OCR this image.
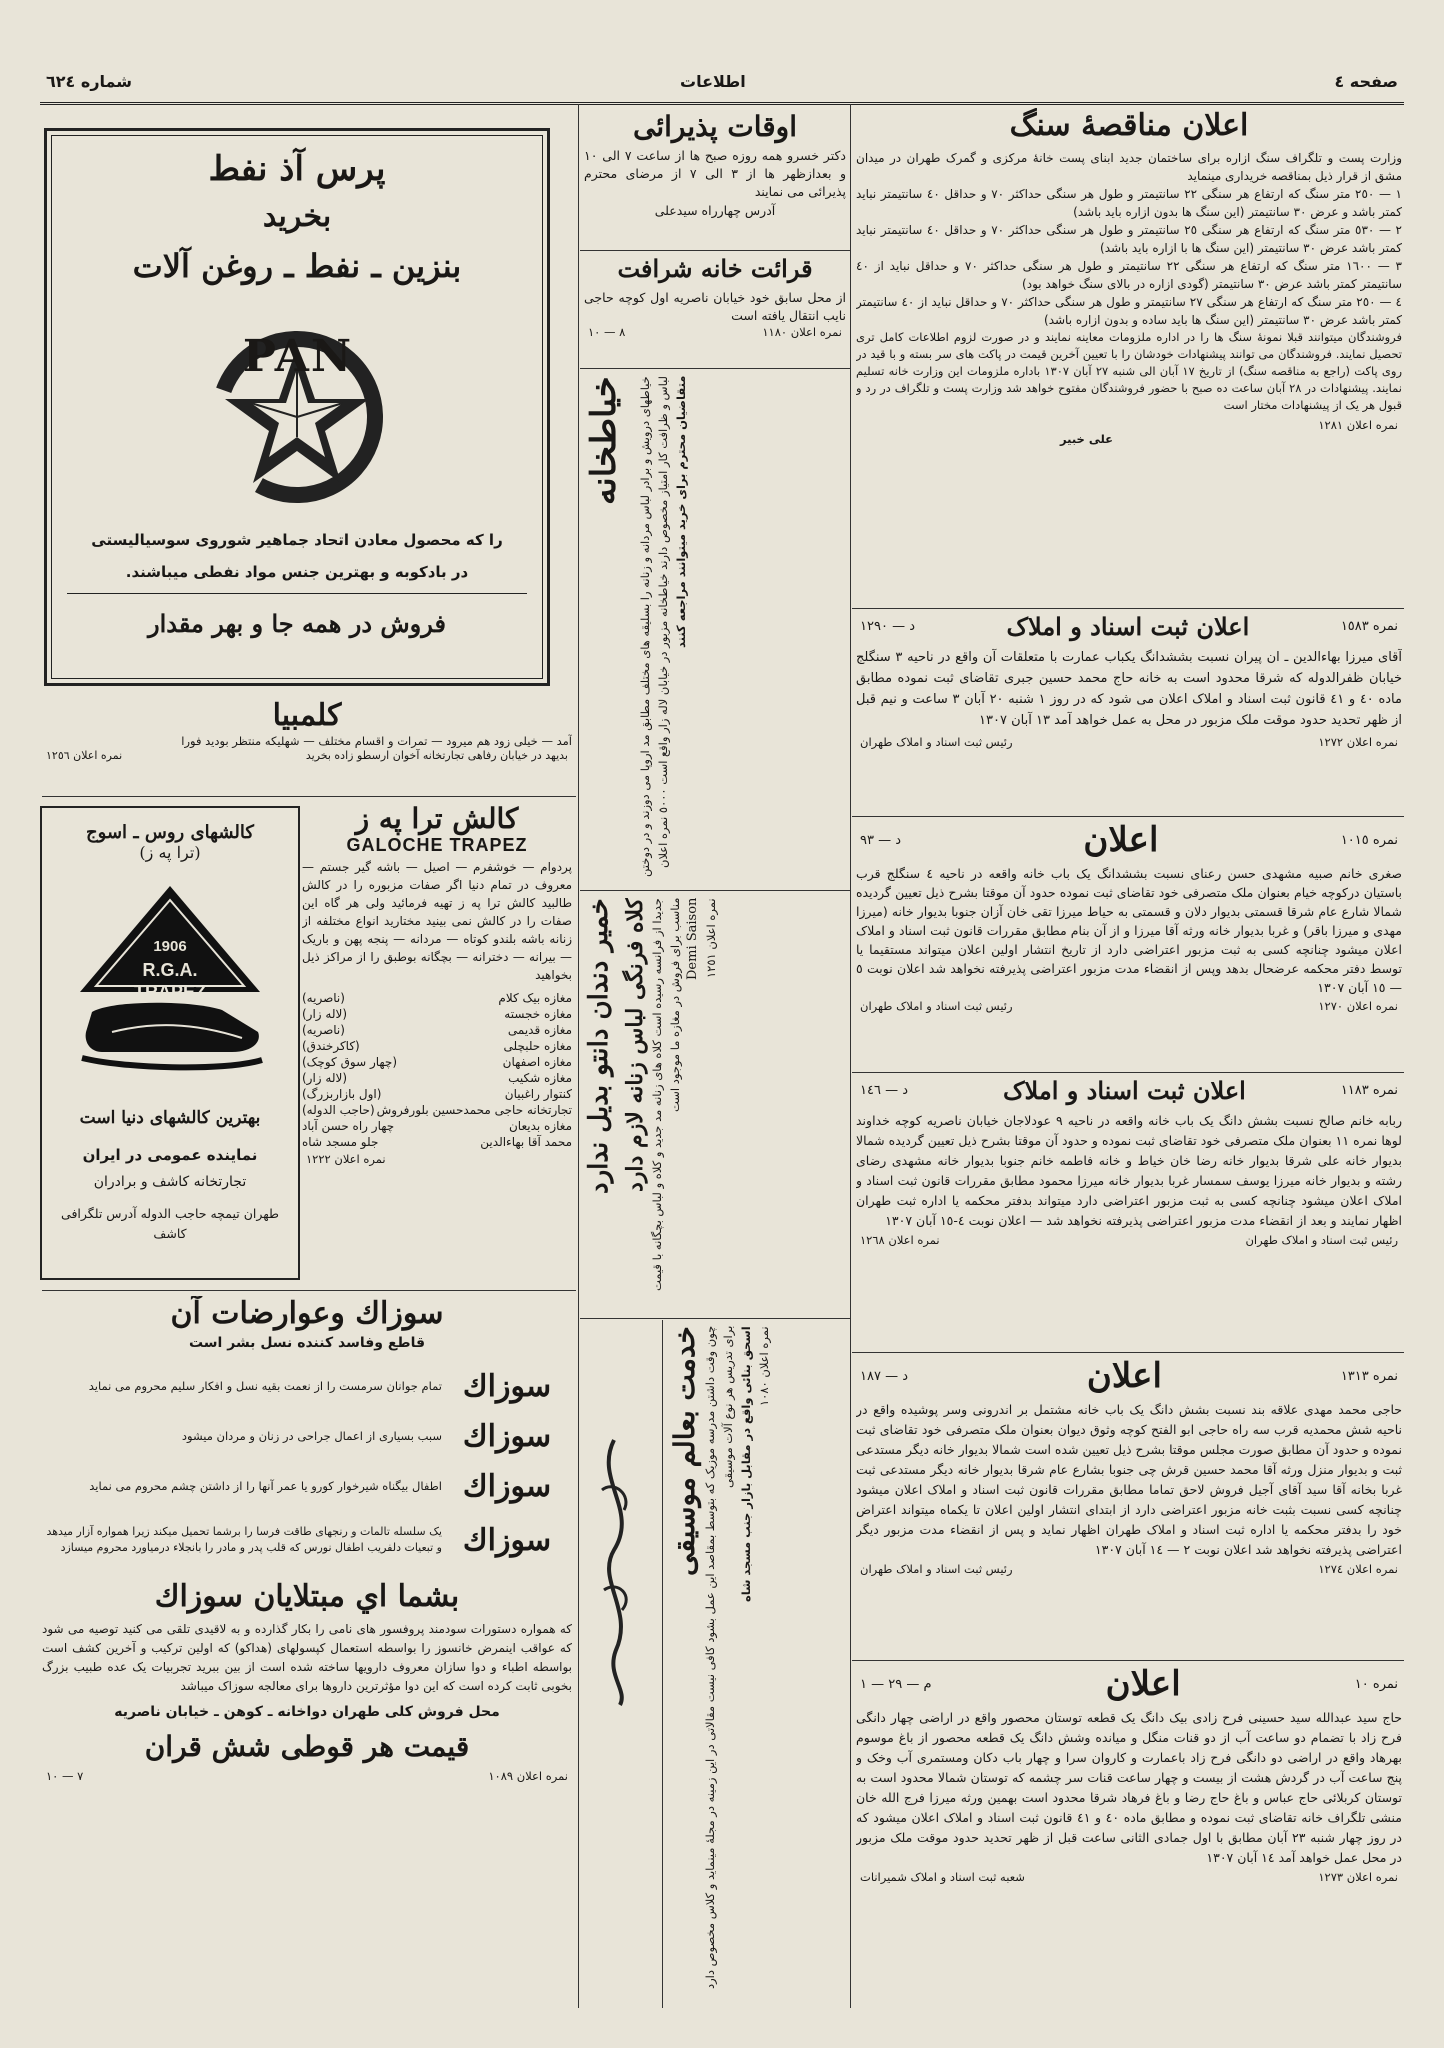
صفحه ٤
اطلاعات
شماره ٦٢٤
اعلان مناقصهٔ سنگ

وزارت پست و تلگراف سنگ ازاره برای ساختمان جدید ابنای پست خانهٔ مرکزی و گمرک طهران در میدان مشق از قرار ذیل بمناقصه خریداری مینماید

١ — ٢٥٠ متر سنگ که ارتفاع هر سنگی ٢٢ سانتیمتر و طول هر سنگی حداکثر ٧٠ و حداقل ٤٠ سانتیمتر نباید کمتر باشد و عرض ٣٠ سانتیمتر (این سنگ ها بدون ازاره باید باشد)

٢ — ٥٣٠ متر سنگ که ارتفاع هر سنگی ٢٥ سانتیمتر و طول هر سنگی حداکثر ٧٠ و حداقل ٤٠ سانتیمتر نباید کمتر باشد عرض ٣٠ سانتیمتر (این سنگ ها با ازاره باید باشد)

٣ — ١٦٠٠ متر سنگ که ارتفاع هر سنگی ٢٢ سانتیمتر و طول هر سنگی حداکثر ٧٠ و حداقل نباید از ٤٠ سانتیمتر کمتر باشد عرض ٣٠ سانتیمتر (گودی ازاره در بالای سنگ خواهد بود)

٤ — ٢٥٠ متر سنگ که ارتفاع هر سنگی ٢٧ سانتیمتر و طول هر سنگی حداکثر ٧٠ و حداقل نباید از ٤٠ سانتیمتر کمتر باشد عرض ٣٠ سانتیمتر (این سنگ ها باید ساده و بدون ازاره باشد)

فروشندگان میتوانند قبلا نمونهٔ سنگ ها را در اداره ملزومات معاینه نمایند و در صورت لزوم اطلاعات کامل تری تحصیل نمایند. فروشندگان می توانند پیشنهادات خودشان را با تعیین آخرین قیمت در پاکت های سر بسته و با قید در روی پاکت (راجع به مناقصه سنگ) از تاریخ ١٧ آبان الی شنبه ٢٧ آبان ١٣٠٧ باداره ملزومات این وزارت خانه تسلیم نمایند. پیشنهادات در ٢٨ آبان ساعت ده صبح با حضور فروشندگان مفتوح خواهد شد وزارت پست و تلگراف در رد و قبول هر یک از پیشنهادات مختار است

نمره اعلان ١٢٨١
علی خبیر
نمره ١٥٨٣
اعلان ثبت اسناد و املاک
د — ١٢٩٠

آقای میرزا بهاءالدین ـ ان پیران نسبت بششدانگ یکباب عمارت با متعلقات آن واقع در ناحیه ٣ سنگلج خیابان ظفرالدوله که شرقا محدود است به خانه حاج محمد حسین جبری تقاضای ثبت نموده مطابق ماده ٤٠ و ٤١ قانون ثبت اسناد و املاک اعلان می شود که در روز ١ شنبه ٢٠ آبان ٣ ساعت و نیم قبل از ظهر تحدید حدود موقت ملک مزبور در محل به عمل خواهد آمد ١٣ آبان ١٣٠٧

نمره اعلان ١٢٧٢
رئیس ثبت اسناد و املاک طهران
نمره ١٠١٥
اعلان
د — ٩٣

صغری خانم صبیه مشهدی حسن رعنای نسبت بششدانگ یک باب خانه واقعه در ناحیه ٤ سنگلج قرب باستیان درکوچه خیام بعنوان ملک متصرفی خود تقاضای ثبت نموده حدود آن موقتا بشرح ذیل تعیین گردیده شمالا شارع عام شرقا قسمتی بدیوار دلان و قسمتی به حیاط میرزا تقی خان آزان جنوبا بدیوار خانه (میرزا مهدی و میرزا باقر) و غربا بدیوار خانه ورثه آقا میرزا و از آن بنام مطابق مقررات قانون ثبت اسناد و املاک اعلان میشود چنانچه کسی به ثبت مزبور اعتراضی دارد از تاریخ انتشار اولین اعلان میتواند مستقیما یا توسط دفتر محکمه عرضحال بدهد وپس از انقضاء مدت مزبور اعتراضی پذیرفته نخواهد شد اعلان نوبت ٥ — ١٥ آبان ١٣٠٧

نمره اعلان ١٢٧٠
رئیس ثبت اسناد و املاک طهران
نمره ١١٨٣
اعلان ثبت اسناد و املاک
د — ١٤٦

ربابه خانم صالح نسبت بشش دانگ یک باب خانه واقعه در ناحیه ٩ عودلاجان خیابان ناصریه کوچه خداوند لوها نمره ١١ بعنوان ملک متصرفی خود تقاضای ثبت نموده و حدود آن موقتا بشرح ذیل تعیین گردیده شمالا بدیوار خانه علی شرقا بدیوار خانه رضا خان خیاط و خانه فاطمه خانم جنوبا بدیوار خانه مشهدی رضای رشته و بدیوار خانه میرزا یوسف سمسار غربا بدیوار خانه میرزا محمود مطابق مقررات قانون ثبت اسناد و املاک اعلان میشود چنانچه کسی به ثبت مزبور اعتراضی دارد میتواند بدفتر محکمه یا اداره ثبت طهران اظهار نمایند و بعد از انقضاء مدت مزبور اعتراضی پذیرفته نخواهد شد — اعلان نوبت ٤-١٥ آبان ١٣٠٧

رئیس ثبت اسناد و املاک طهران
نمره اعلان ١٢٦٨
نمره ١٣١٣
اعلان
د — ١٨٧

حاجی محمد مهدی علاقه بند نسبت بشش دانگ یک باب خانه مشتمل بر اندرونی وسر پوشیده واقع در ناحیه شش محمدیه قرب سه راه حاجی ابو الفتح کوچه وثوق دیوان بعنوان ملک متصرفی خود تقاضای ثبت نموده و حدود آن مطابق صورت مجلس موقتا بشرح ذیل تعیین شده است شمالا بدیوار خانه دیگر مستدعی ثبت و بدیوار منزل ورثه آقا محمد حسین قرش چی جنوبا بشارع عام شرقا بدیوار خانه دیگر مستدعی ثبت غربا بخانه آقا سید آقای آجیل فروش لاحق تماما مطابق مقررات قانون ثبت اسناد و املاک اعلان میشود چنانچه کسی نسبت بثبت خانه مزبور اعتراضی دارد از ابتدای انتشار اولین اعلان تا یکماه میتواند اعتراض خود را بدفتر محکمه یا اداره ثبت اسناد و املاک طهران اظهار نماید و پس از انقضاء مدت مزبور دیگر اعتراضی پذیرفته نخواهد شد اعلان نوبت ٢ — ١٤ آبان ١٣٠٧

نمره اعلان ١٢٧٤
رئیس ثبت اسناد و املاک طهران
نمره ١٠
اعلان
م — ٢٩ — ١

حاج سید عبدالله سید حسینی فرح زادی بیک دانگ یک قطعه توستان محصور واقع در اراضی چهار دانگی فرح زاد با تضمام دو ساعت آب از دو قنات منگل و میانده وشش دانگ یک قطعه محصور از باغ موسوم بهرهاد واقع در اراضی دو دانگی فرح زاد باعمارت و کاروان سرا و چهار باب دکان ومستمری آب وخک و پنج ساعت آب در گردش هشت از بیست و چهار ساعت قنات سر چشمه که توستان شمالا محدود است به توستان کربلائی حاج عباس و باغ حاج رضا و باغ فرهاد شرقا محدود است بهمین ورثه میرزا فرج الله خان منشی تلگراف خانه تقاضای ثبت نموده و مطابق ماده ٤٠ و ٤١ قانون ثبت اسناد و املاک اعلان میشود که در روز چهار شنبه ٢٣ آبان مطابق با اول جمادی الثانی ساعت قبل از ظهر تحدید حدود موقت ملک مزبور در محل عمل خواهد آمد ١٤ آبان ١٣٠٧

نمره اعلان ١٢٧٣
شعبه ثبت اسناد و املاک شمیرانات
اوقات پذیرائی

دکتر خسرو همه روزه صبح ها از ساعت ٧ الی ١٠ و بعدازظهر ها از ٣ الی ٧ از مرضای محترم پذیرائی می نمایند

آدرس چهارراه سیدعلی

قرائت خانه شرافت

از محل سابق خود خیابان ناصریه اول کوچه حاجی نایب انتقال یافته است

نمره اعلان ١١٨٠
٨ — ١٠
خیاطخانه خیاطهای درویش و برادر لباس مردانه و زنانه را بسلیقه های مختلف مطابق مد اروپا می دوزند و در دوختن لباس و ظرافت کار امتیاز مخصوص دارند خیاطخانه مزبور در خیابان لاله زار واقع است ٥٠٠٠ نمره اعلان متقاضیان محترم برای خرید میتوانند مراجعه کنند
خمیر دندان دانتو بدیل ندارد کلاه فرنگی لباس زنانه لازم دارد جدیدا از فرانسه رسیده است کلاه های زنانه مد جدید و کلاه و لباس بچگانه با قیمت مناسب برای فروش در مغازه ما موجود است Demi Saison نمره اعلان ١٢٥١
خدمت بعالم موسیقی چون وقت داشتن مدرسه موزیک که بتوسط بمقاصد این عمل بشود کافی نیست مقالاتی در این زمینه در مجلهٔ مینماید و کلاس مخصوص دارد برای تدریس هر نوع آلات موسیقی اسحق بنائی واقع در مقابل بازار جنب مسجد شاه نمره اعلان ١٠٨٠
پرس آذ نفط
بخرید
بنزین ـ نفط ـ روغن آلات
PAN
را که محصول معادن اتحاد جماهیر شوروی سوسیالیستی
در بادکوبه و بهترین جنس مواد نفطی میباشند.
فروش در همه جا و بهر مقدار
کلمبیا
آمد — خیلی زود هم میرود — تمرات و اقسام مختلف — شهلیکه منتظر بودید فورا
بدیهد در خیابان رفاهی تجارتخانه آخوان ارسطو زاده بخرید
نمره اعلان ١٢٥٦
کالش ترا په ز
GALOCHE TRAPEZ

پردوام — خوشفرم — اصیل — باشه گیر جستم — معروف در تمام دنیا اگر صفات مزبوره را در کالش طالبید کالش ترا په ز تهیه فرمائید ولی هر گاه این صفات را در کالش نمی بینید مختارید انواع مختلفه از زنانه باشه بلندو کوتاه — مردانه — پنجه پهن و باریک — بیرانه — دخترانه — بچگانه بوطبق را از مراکز ذیل بخواهید

مغازه بیک کلام
(ناصریه)
مغازه خجسته
(لاله زار)
مغازه قدیمی
(ناصریه)
مغازه حلبچلی
(کاکرخندق)
مغازه اصفهان
(چهار سوق کوچک)
مغازه شکیب
(لاله زار)
کنتوار راغبیان
(اول بازاربزرگ)
تجارتخانه حاجی محمدحسین بلورفروش
(حاجب الدوله)
مغازه بدیعان
چهار راه حسن آباد
محمد آقا بهاءالدین
جلو مسجد شاه
نمره اعلان ١٢٢٢
کالشهای روس ـ اسوج
(ترا په ز)
1906
R.G.A.
TRAPEZ
بهترین کالشهای دنیا است
نماینده عمومی در ایران
تجارتخانه کاشف و برادران
طهران تیمچه حاجب الدوله آدرس تلگرافی کاشف
سوزاك وعوارضات آن
قاطع وفاسد كننده نسل بشر است
سوزاك
تمام جوانان سرمست را از نعمت بقیه نسل و افکار سلیم محروم می نماید
سوزاك
سبب بسیاری از اعمال جراحی در زنان و مردان میشود
سوزاك
اطفال بیگناه شیرخوار کورو یا عمر آنها را از داشتن چشم محروم می نماید
سوزاك
یک سلسله تالمات و رنجهای طاقت فرسا را برشما تحمیل میکند زیرا همواره آزار میدهد و تبعیات دلفریب اطفال نورس که قلب پدر و مادر را بانجلاء درمیاورد محروم میسازد
بشما اي مبتلايان سوزاك

که همواره دستورات سودمند پروفسور های نامی را بکار گذارده و به لاقیدی تلقی می کنید توصیه می شود که عواقب اینمرض خانسوز را بواسطه استعمال کپسولهای (هداکو) که اولین ترکیب و آخرین کشف است بواسطه اطباء و دوا سازان معروف دارویها ساخته شده است از بین ببرید تجربیات یک عده طبیب بزرگ بخوبی ثابت کرده است که این دوا مؤثرترین داروها برای معالجه سوزاک میباشد

محل فروش کلی طهران دواخانه ـ کوهن ـ خیابان ناصریه
قیمت هر قوطی شش قران
نمره اعلان ١٠٨٩
٧ — ١٠
